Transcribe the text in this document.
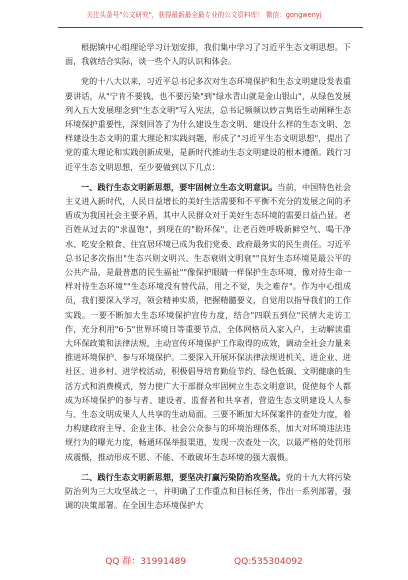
关注头条号"公文研究"，获得最新最全最专业的公文资料库！ 微信：gongwenyj

根据镇中心组理论学习计划安排，我们集中学习了习近平生态文明思想。下面，我就结合实际，谈一些个人的认识和体会。

党的十八大以来，习近平总书记多次对生态环境保护和生态文明建设发表重要讲话，从"宁肯不要钱，也不要污染"到"绿水青山就是金山银山"，从绿色发展列入五大发展理念到"生态文明"写入宪法，总书记频频以妙言隽语生动阐释生态环境保护重要性，深刻回答了为什么建设生态文明、建设什么样的生态文明、怎样建设生态文明的重大理论和实践问题，形成了"习近平生态文明思想"，提出了党的重大理论和实践创新成果，是新时代推动生态文明建设的根本遵循。践行习近平生态文明思想，至少要做到以下几点：

一、践行生态文明新思想，要牢固树立生态文明意识。当前，中国特色社会主义进入新时代，人民日益增长的美好生活需要和不平衡不充分的发展之间的矛盾成为我国社会主要矛盾，其中人民群众对于美好生态环境的需要日益凸显。老百姓从过去的"求温饱"，到现在的"盼环保"，让老百姓呼吸新鲜空气、喝干净水、吃安全粮食、住宜居环境已成为我们党委、政府最务实的民生责任。习近平总书记多次指出"生态兴则文明兴、生态衰则文明衰""良好生态环境是最公平的公共产品，是最普惠的民生福祉""像保护眼睛一样保护生态环境，像对待生命一样对待生态环境""生态环境没有替代品，用之不觉，失之难存"。作为中心组成员，我们要深入学习，领会精神实质，把握精髓要义，自觉用以指导我们的工作实践。一要不断加大生态环境保护宣传力度，结合"四联五到位"民情大走访工作，充分利用"6·5"世界环境日等重要节点，全体网格员入家入户，主动解读重大环保政策和法律法规，主动宣传环境保护工作取得的成效，调动全社会力量来推进环境保护、参与环境保护。二要深入开展环保法律法规进机关、进企业、进社区、进乡村、进学校活动，积极倡导培育勤俭节约、绿色低碳、文明健康的生活方式和消费模式，努力使广大干部群众牢固树立生态文明意识，促使每个人都成为环境保护的参与者、建设者、监督者和共享者，营造生态文明建设人人参与、生态文明成果人人共享的生动局面。三要不断加大环保案件的查处力度，着力构建政府主导、企业主体、社会公众参与的环境治理体系，加大对环境违法违规行为的曝光力度，畅通环保举报渠道，发现一次查处一次，以最严格的处罚形成震慑，推动形成不愿、不能、不敢破坏生态环境的强大震慑。

二、践行生态文明新思想，要坚决打赢污染防治攻坚战。党的十九大将污染防治列为三大攻坚战之一，并明确了工作重点和目标任务，作出一系列部署，强调的决策部署。在全国生态环境保护大

QQ 群：31991489	QQ:535304092
